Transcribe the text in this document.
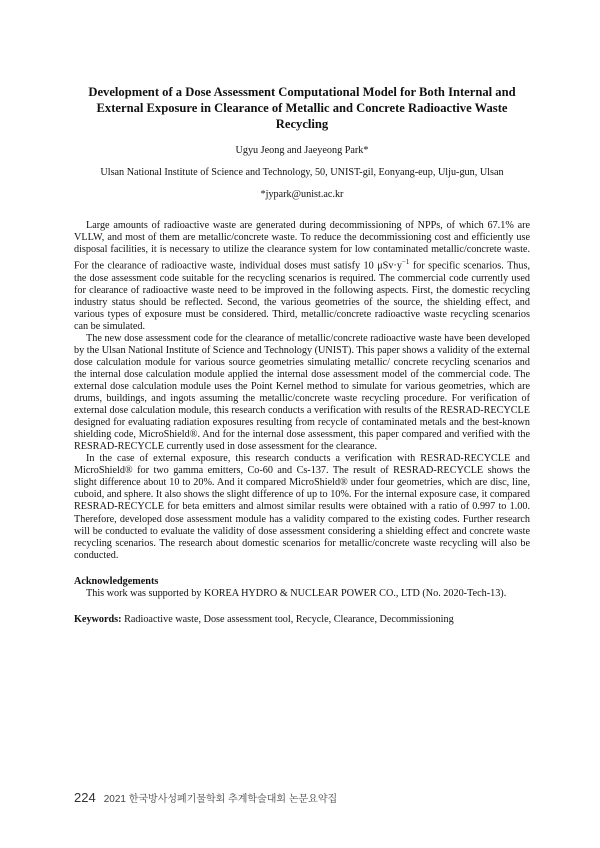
Development of a Dose Assessment Computational Model for Both Internal and External Exposure in Clearance of Metallic and Concrete Radioactive Waste Recycling
Ugyu Jeong and Jaeyeong Park*
Ulsan National Institute of Science and Technology, 50, UNIST-gil, Eonyang-eup, Ulju-gun, Ulsan
*jypark@unist.ac.kr

Large amounts of radioactive waste are generated during decommissioning of NPPs, of which 67.1% are VLLW, and most of them are metallic/concrete waste. To reduce the decommissioning cost and efficiently use disposal facilities, it is necessary to utilize the clearance system for low contaminated metallic/concrete waste. For the clearance of radioactive waste, individual doses must satisfy 10 $\mu Sv\cdot y^{-1}$ for specific scenarios. Thus, the dose assessment code suitable for the recycling scenarios is required. The commercial code currently used for clearance of radioactive waste need to be improved in the following aspects. First, the domestic recycling industry status should be reflected. Second, the various geometries of the source, the shielding effect, and various types of exposure must be considered. Third, metallic/concrete radioactive waste recycling scenarios can be simulated.

The new dose assessment code for the clearance of metallic/concrete radioactive waste have been developed by the Ulsan National Institute of Science and Technology (UNIST). This paper shows a validity of the external dose calculation module for various source geometries simulating metallic/ concrete recycling scenarios and the internal dose calculation module applied the internal dose assessment model of the commercial code. The external dose calculation module uses the Point Kernel method to simulate for various geometries, which are drums, buildings, and ingots assuming the metallic/concrete waste recycling procedure. For verification of external dose calculation module, this research conducts a verification with results of the RESRAD-RECYCLE designed for evaluating radiation exposures resulting from recycle of contaminated metals and the best-known shielding code, MicroShield®. And for the internal dose assessment, this paper compared and verified with the RESRAD-RECYCLE currently used in dose assessment for the clearance.

In the case of external exposure, this research conducts a verification with RESRAD-RECYCLE and MicroShield® for two gamma emitters, Co-60 and Cs-137. The result of RESRAD-RECYCLE shows the slight difference about 10 to 20%. And it compared MicroShield® under four geometries, which are disc, line, cuboid, and sphere. It also shows the slight difference of up to 10%. For the internal exposure case, it compared RESRAD-RECYCLE for beta emitters and almost similar results were obtained with a ratio of 0.997 to 1.00. Therefore, developed dose assessment module has a validity compared to the existing codes. Further research will be conducted to evaluate the validity of dose assessment considering a shielding effect and concrete waste recycling scenarios. The research about domestic scenarios for metallic/concrete waste recycling will also be conducted.

Acknowledgements

This work was supported by KOREA HYDRO & NUCLEAR POWER CO., LTD (No. 2020-Tech-13).

Keywords: Radioactive waste, Dose assessment tool, Recycle, Clearance, Decommissioning
224 2021 한국방사성폐기물학회 추계학술대회 논문요약집
